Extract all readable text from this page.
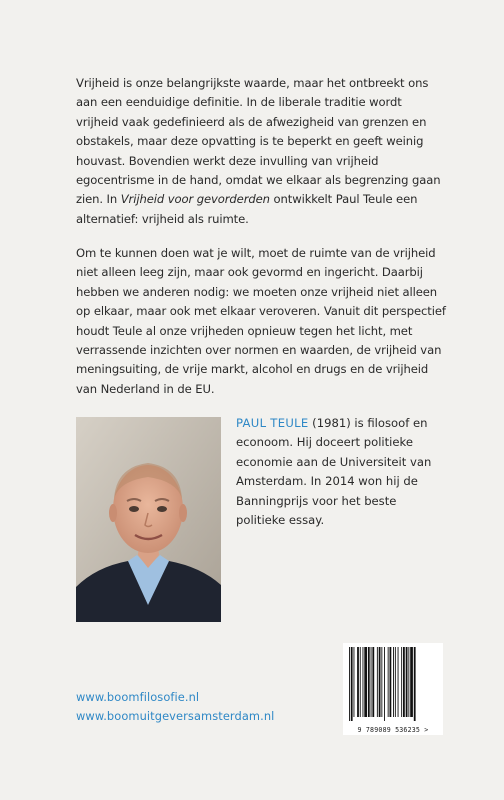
Vrijheid is onze belangrijkste waarde, maar het ontbreekt ons aan een eenduidige definitie. In de liberale traditie wordt vrijheid vaak gedefinieerd als de afwezigheid van grenzen en obstakels, maar deze opvatting is te beperkt en geeft weinig houvast. Bovendien werkt deze invulling van vrijheid egocentrisme in de hand, omdat we elkaar als begrenzing gaan zien. In Vrijheid voor gevorderden ontwikkelt Paul Teule een alternatief: vrijheid als ruimte.

Om te kunnen doen wat je wilt, moet de ruimte van de vrijheid niet alleen leeg zijn, maar ook gevormd en ingericht. Daarbij hebben we anderen nodig: we moeten onze vrijheid niet alleen op elkaar, maar ook met elkaar veroveren. Vanuit dit perspectief houdt Teule al onze vrijheden opnieuw tegen het licht, met verrassende inzichten over normen en waarden, de vrijheid van meningsuiting, de vrije markt, alcohol en drugs en de vrijheid van Nederland in de EU.

PAUL TEULE (1981) is filosoof en econoom. Hij doceert politieke economie aan de Universiteit van Amsterdam. In 2014 won hij de Banningprijs voor het beste politieke essay.

www.boomfilosofie.nl
www.boomuitgeversamsterdam.nl
9 789089 536235 >
